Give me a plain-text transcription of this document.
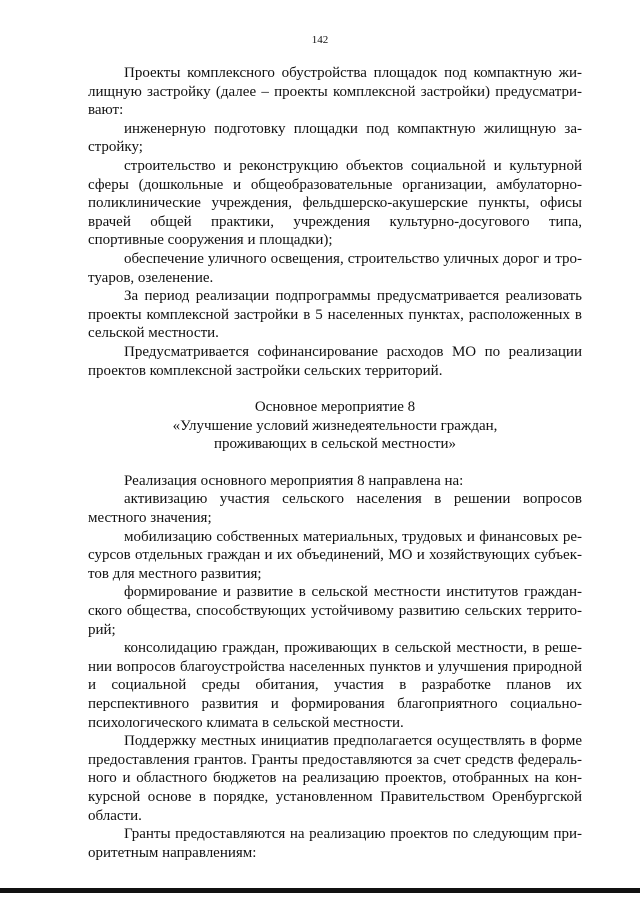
142

Проекты комплексного обустройства площадок под компактную жилищную застройку (далее – проекты комплексной застройки) предусматривают:

инженерную подготовку площадки под компактную жилищную застройку;

строительство и реконструкцию объектов социальной и культурной сферы (дошкольные и общеобразовательные организации, амбулаторно-поликлинические учреждения, фельдшерско-акушерские пункты, офисы врачей общей практики, учреждения культурно-досугового типа, спортивные сооружения и площадки);

обеспечение уличного освещения, строительство уличных дорог и тротуаров, озеленение.

За период реализации подпрограммы предусматривается реализовать проекты комплексной застройки в 5 населенных пунктах, расположенных в сельской местности.

Предусматривается софинансирование расходов МО по реализации проектов комплексной застройки сельских территорий.

Основное мероприятие 8
«Улучшение условий жизнедеятельности граждан,
проживающих в сельской местности»

Реализация основного мероприятия 8 направлена на:

активизацию участия сельского населения в решении вопросов местного значения;

мобилизацию собственных материальных, трудовых и финансовых ресурсов отдельных граждан и их объединений, МО и хозяйствующих субъектов для местного развития;

формирование и развитие в сельской местности институтов гражданского общества, способствующих устойчивому развитию сельских территорий;

консолидацию граждан, проживающих в сельской местности, в решении вопросов благоустройства населенных пунктов и улучшения природной и социальной среды обитания, участия в разработке планов их перспективного развития и формирования благоприятного социально-психологического климата в сельской местности.

Поддержку местных инициатив предполагается осуществлять в форме предоставления грантов. Гранты предоставляются за счет средств федерального и областного бюджетов на реализацию проектов, отобранных на конкурсной основе в порядке, установленном Правительством Оренбургской области.

Гранты предоставляются на реализацию проектов по следующим приоритетным направлениям:
